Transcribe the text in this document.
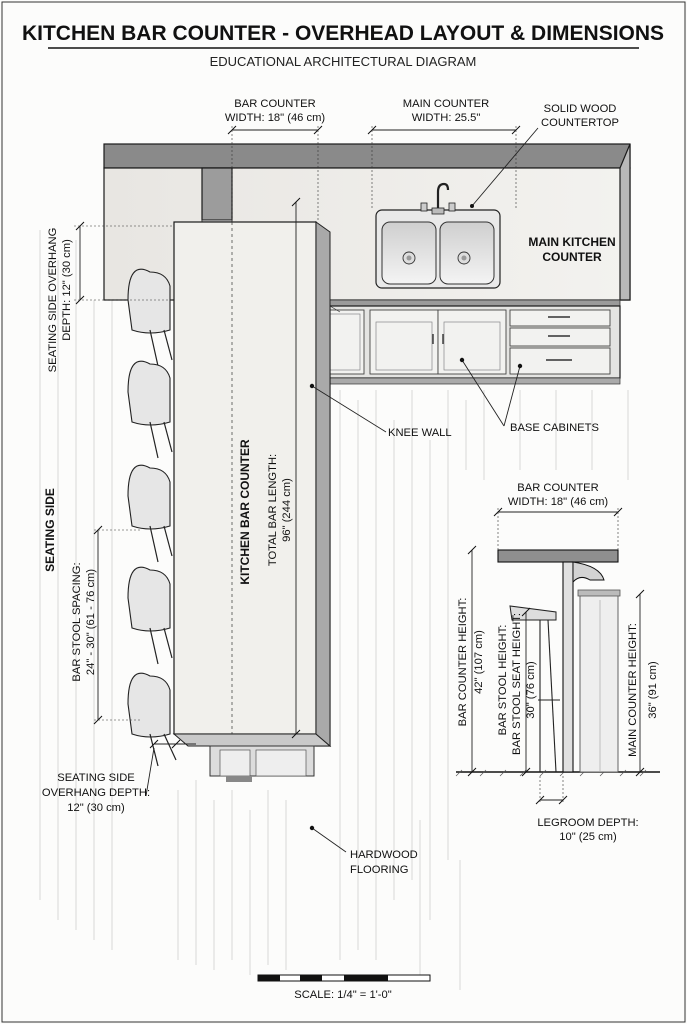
KITCHEN BAR COUNTER - OVERHEAD LAYOUT & DIMENSIONS
EDUCATIONAL ARCHITECTURAL DIAGRAM
BAR COUNTER
WIDTH: 18" (46 cm)
MAIN COUNTER
WIDTH: 25.5"
SOLID WOOD
COUNTERTOP
MAIN KITCHEN
COUNTER
SEATING SIDE OVERHANG DEPTH: 12" (30 cm)
SEATING SIDE
BAR STOOL SPACING: 24" - 30" (61 - 76 cm)
KITCHEN BAR COUNTER TOTAL BAR LENGTH: 96" (244 cm)
KNEE WALL	BASE CABINETS
SEATING SIDE
OVERHANG DEPTH:
12" (30 cm)
HARDWOOD
FLOORING
BAR COUNTER
WIDTH: 18" (46 cm)
BAR COUNTER HEIGHT: 42" (107 cm) BAR STOOL HEIGHT: BAR STOOL SEAT HEIGHT: 30" (76 cm)	MAIN COUNTER HEIGHT: 36" (91 cm)
LEGROOM DEPTH:
10" (25 cm)
SCALE: 1/4" = 1'-0"
